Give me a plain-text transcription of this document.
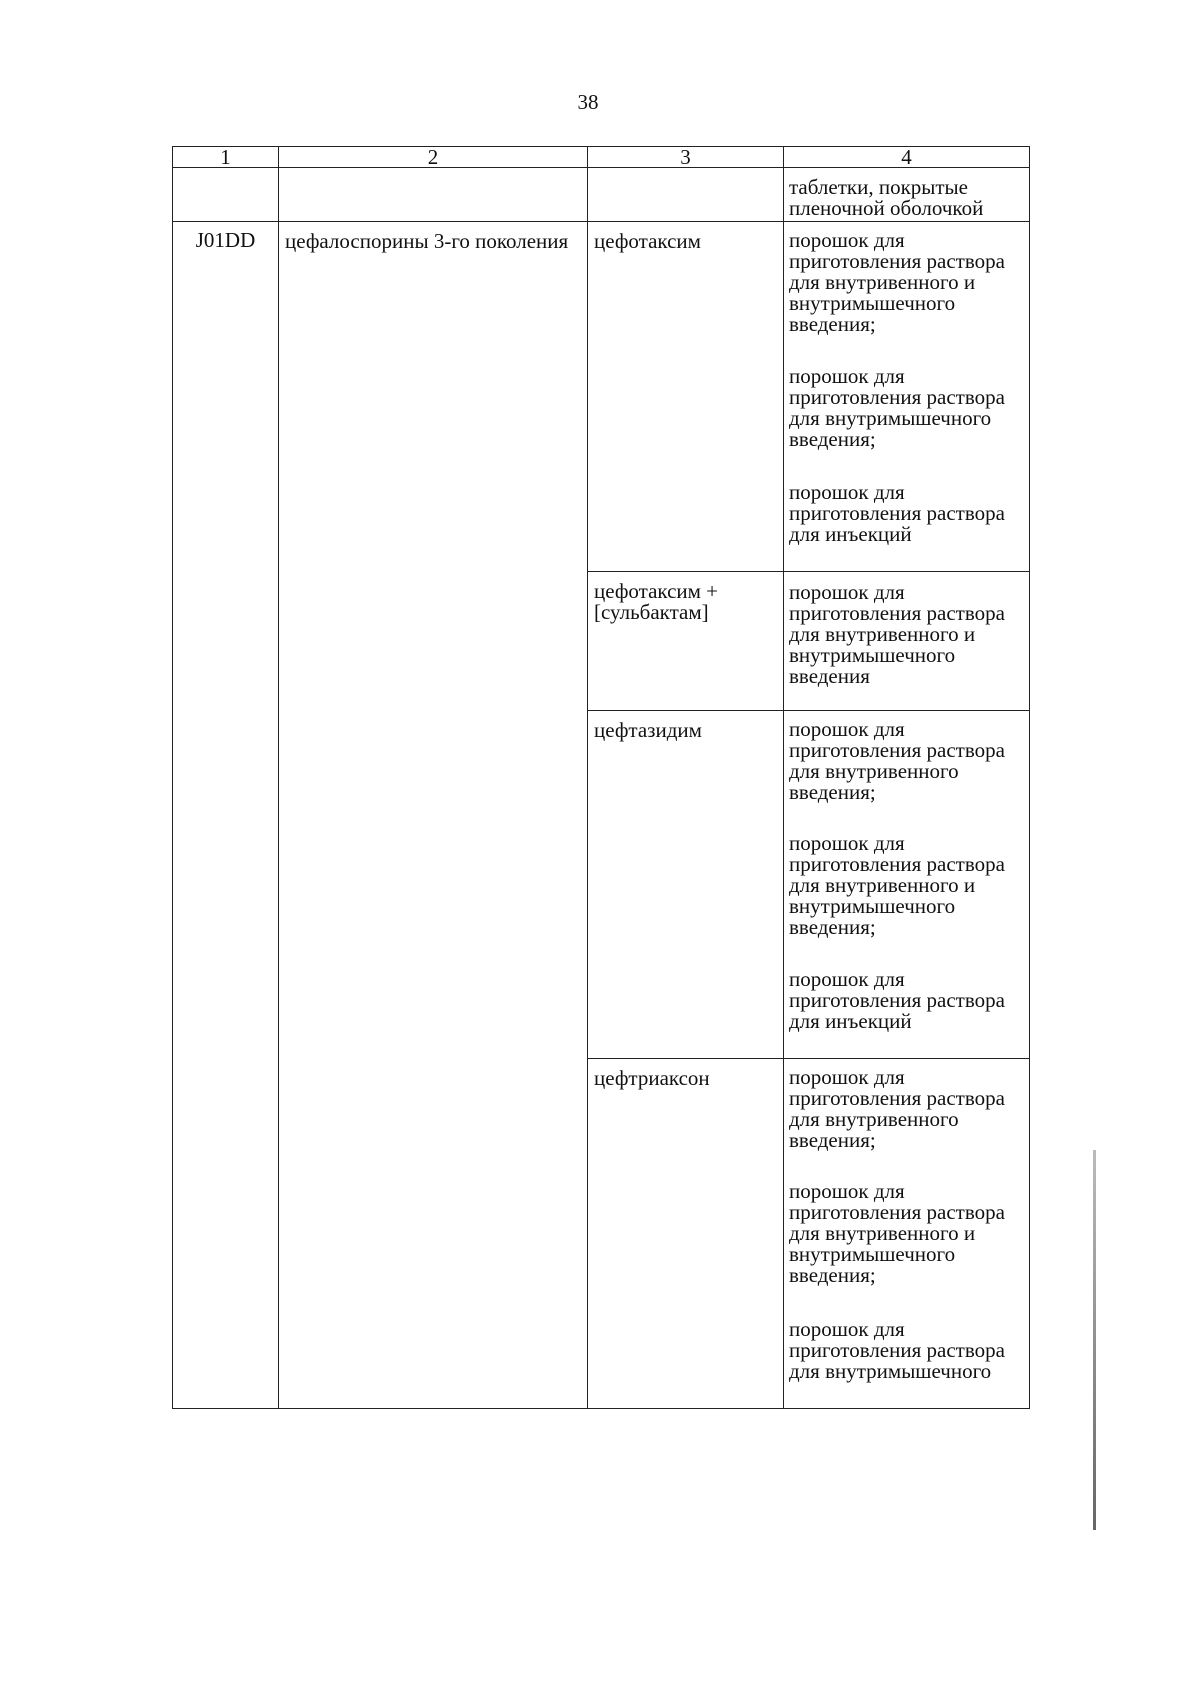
38
1	2	3	4

			таблетки, покрытые пленочной оболочкой

J01DD	цефалоспорины 3-го поколения	цефотаксим	порошок для приготовления раствора для внутривенного и внутримышечного введения;
порошок для приготовления раствора для внутримышечного введения;
порошок для приготовления раствора для инъекций

		цефотаксим + [сульбактам]	порошок для приготовления раствора для внутривенного и внутримышечного введения

		цефтазидим	порошок для приготовления раствора для внутривенного введения;
порошок для приготовления раствора для внутривенного и внутримышечного введения;
порошок для приготовления раствора для инъекций

		цефтриаксон	порошок для приготовления раствора для внутривенного введения;
порошок для приготовления раствора для внутривенного и внутримышечного введения;
порошок для приготовления раствора для внутримышечного
